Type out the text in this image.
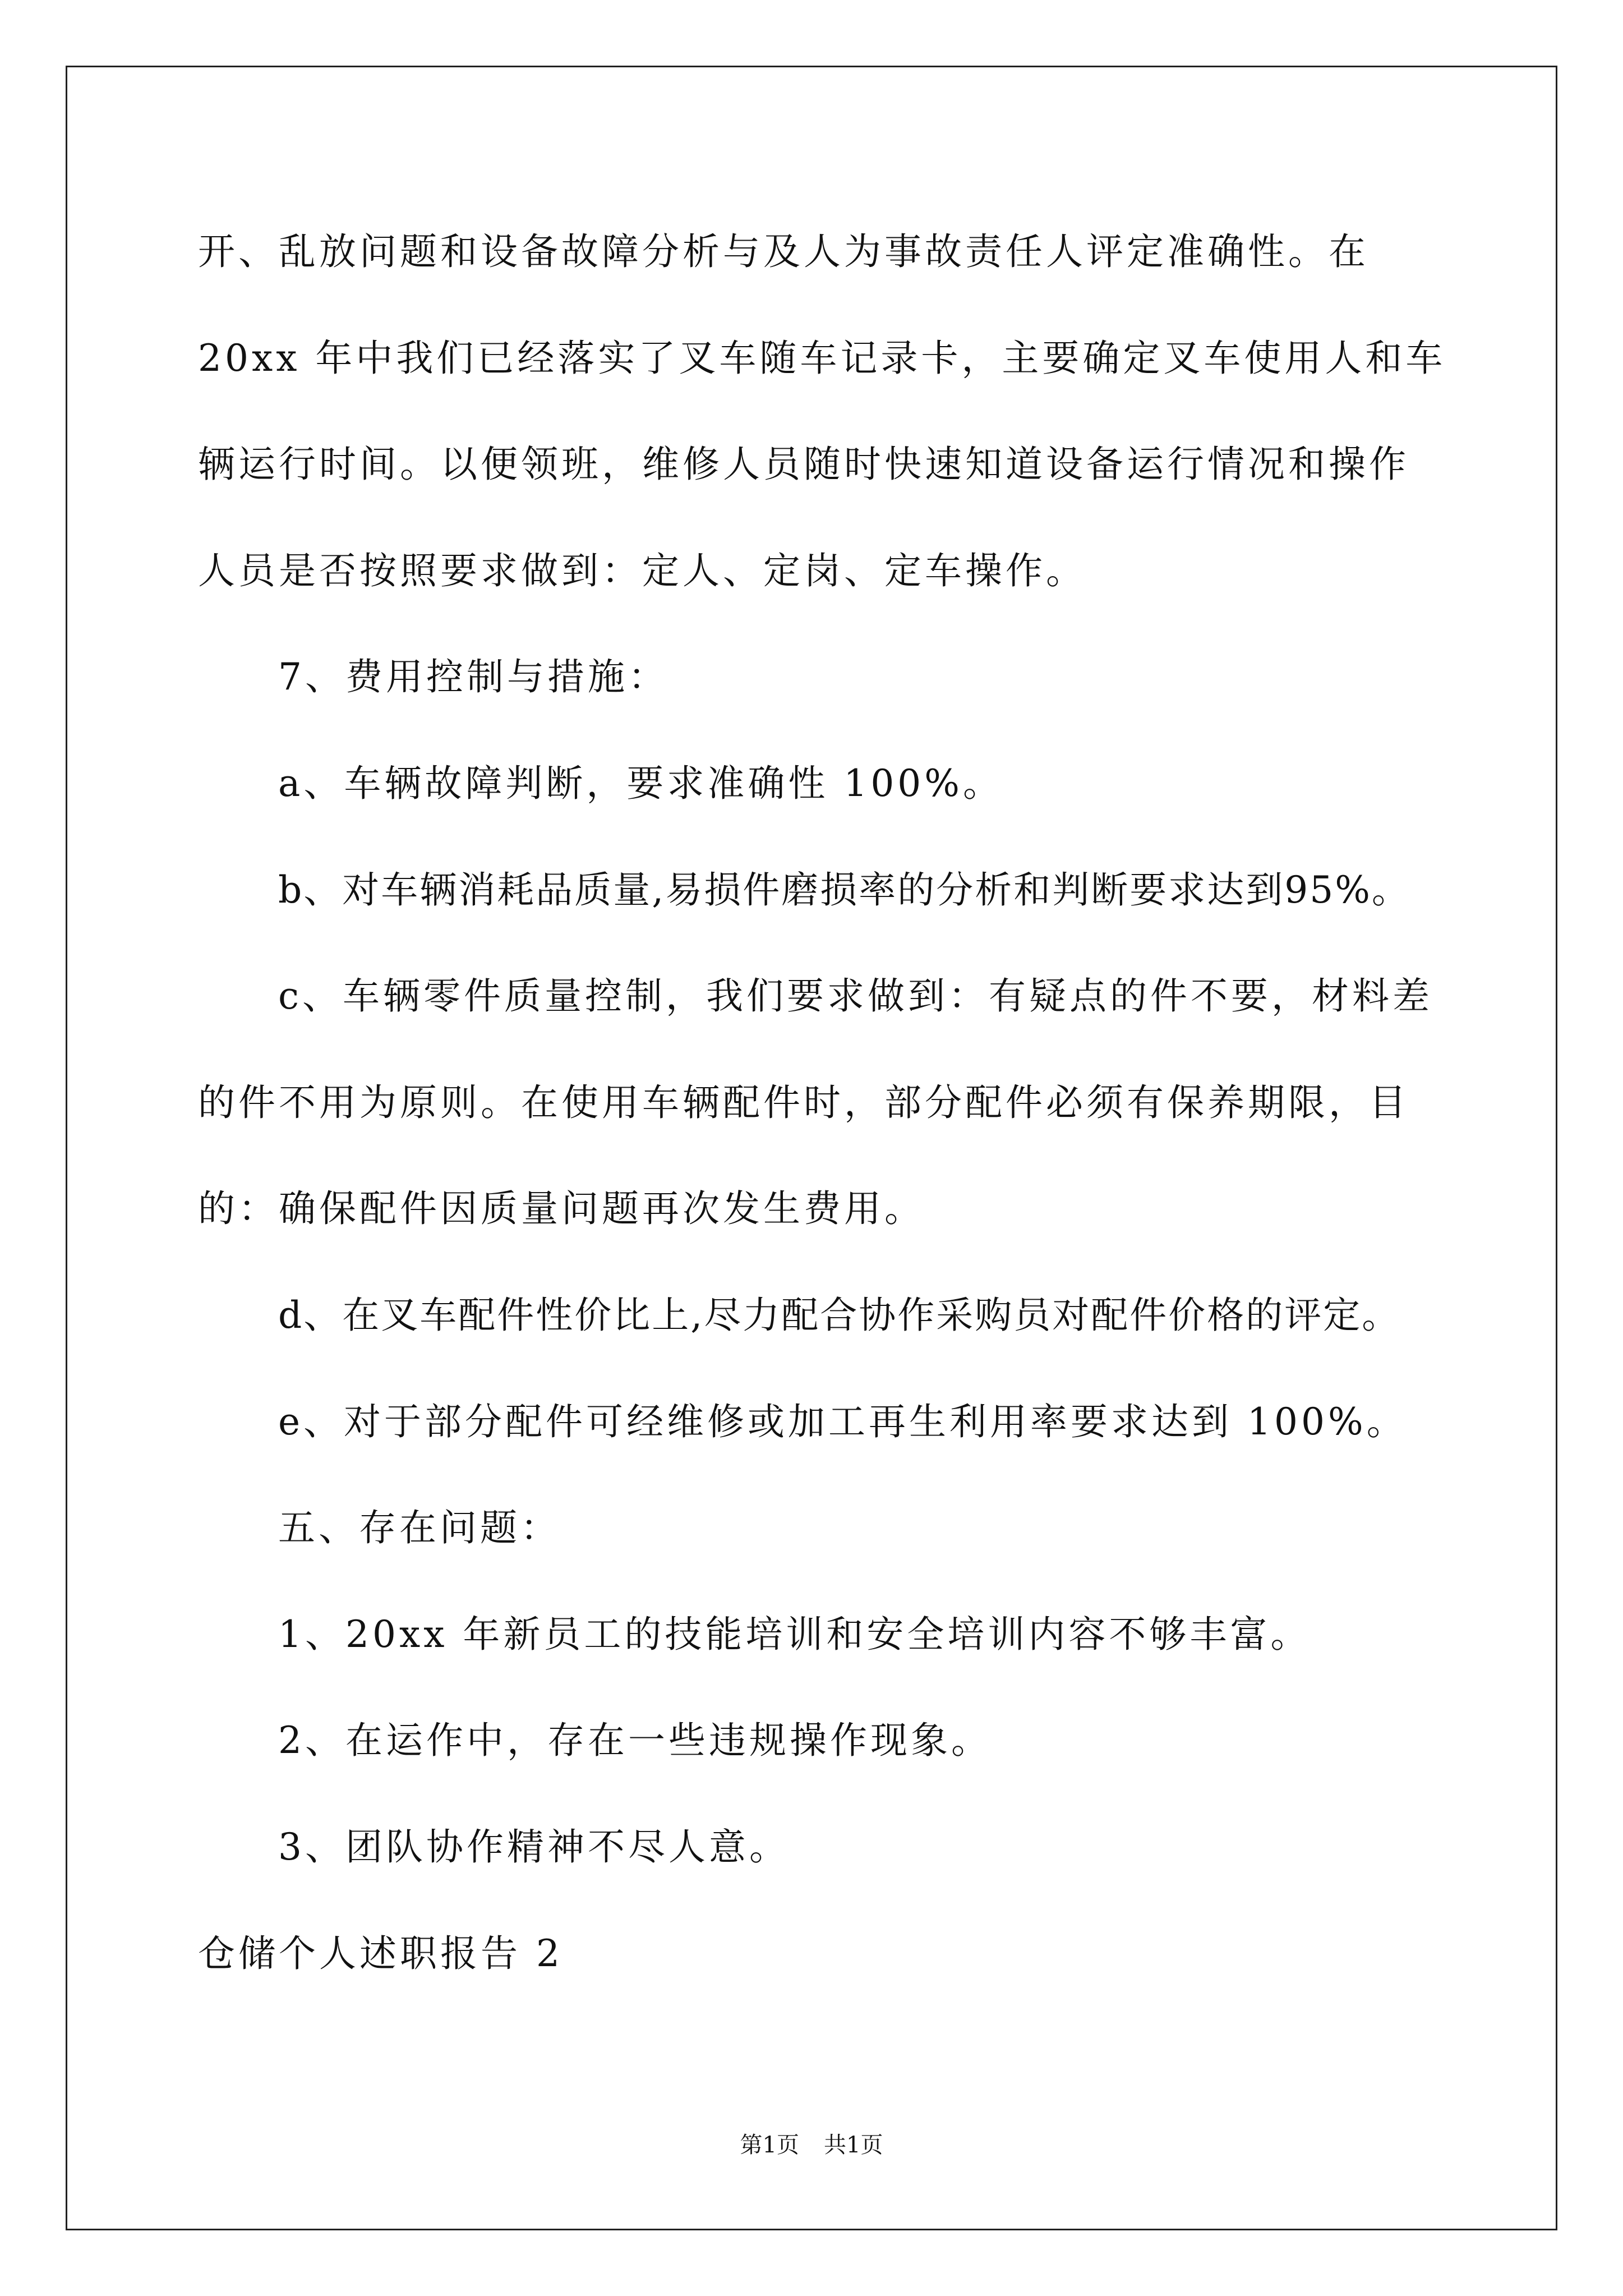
开、乱放问题和设备故障分析与及人为事故责任人评定准确性。在
20xx 年中我们已经落实了叉车随车记录卡，主要确定叉车使用人和车
辆运行时间。以便领班，维修人员随时快速知道设备运行情况和操作
人员是否按照要求做到：定人、定岗、定车操作。
7、费用控制与措施：
a、车辆故障判断，要求准确性 100%。
b、对车辆消耗品质量,易损件磨损率的分析和判断要求达到95%。
c、车辆零件质量控制，我们要求做到：有疑点的件不要，材料差
的件不用为原则。在使用车辆配件时，部分配件必须有保养期限，目
的：确保配件因质量问题再次发生费用。
d、在叉车配件性价比上,尽力配合协作采购员对配件价格的评定。
e、对于部分配件可经维修或加工再生利用率要求达到 100%。
五、存在问题：
1、20xx 年新员工的技能培训和安全培训内容不够丰富。
2、在运作中，存在一些违规操作现象。
3、团队协作精神不尽人意。
仓储个人述职报告 2
第1页 共1页
